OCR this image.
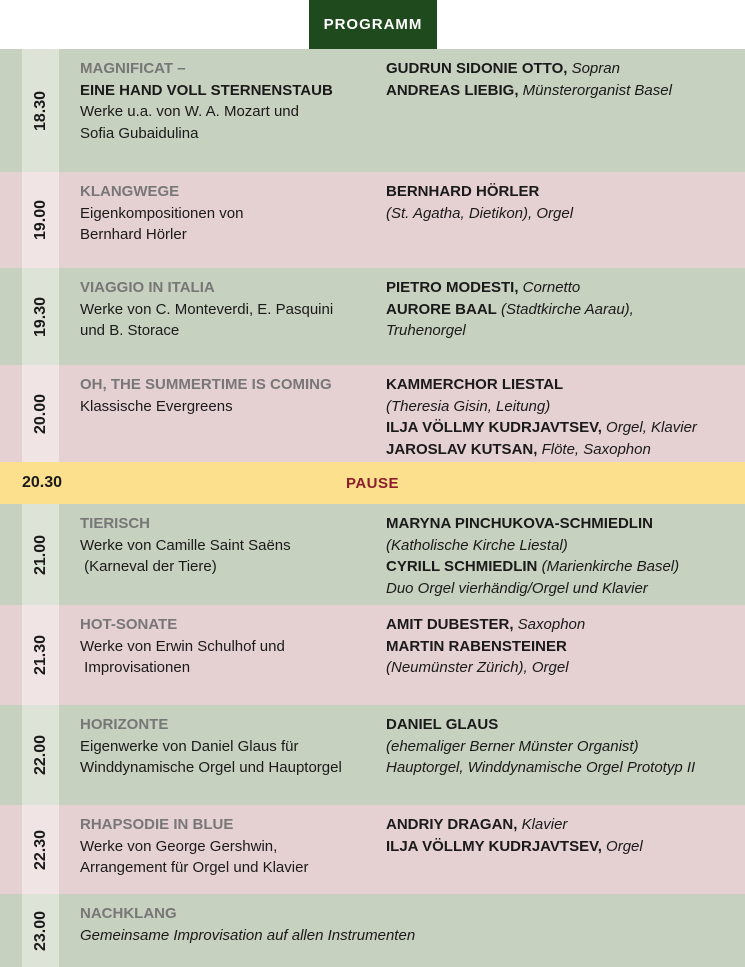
PROGRAMM
18.30
MAGNIFICAT –
EINE HAND VOLL STERNENSTAUB
Werke u.a. von W. A. Mozart und
Sofia Gubaidulina
GUDRUN SIDONIE OTTO, Sopran
ANDREAS LIEBIG, Münsterorganist Basel
19.00
KLANGWEGE
Eigenkompositionen von
Bernhard Hörler
BERNHARD HÖRLER
(St. Agatha, Dietikon), Orgel
19.30
VIAGGIO IN ITALIA
Werke von C. Monteverdi, E. Pasquini
und B. Storace
PIETRO MODESTI, Cornetto
AURORE BAAL (Stadtkirche Aarau),
Truhenorgel
20.00
OH, THE SUMMERTIME IS COMING
Klassische Evergreens
KAMMERCHOR LIESTAL
(Theresia Gisin, Leitung)
ILJA VÖLLMY KUDRJAVTSEV, Orgel, Klavier
JAROSLAV KUTSAN, Flöte, Saxophon
PAUSE
20.30
21.00
TIERISCH
Werke von Camille Saint Saëns
(Karneval der Tiere)
MARYNA PINCHUKOVA-SCHMIEDLIN
(Katholische Kirche Liestal)
CYRILL SCHMIEDLIN (Marienkirche Basel)
Duo Orgel vierhändig/Orgel und Klavier
21.30
HOT-SONATE
Werke von Erwin Schulhof und
Improvisationen
AMIT DUBESTER, Saxophon
MARTIN RABENSTEINER
(Neumünster Zürich), Orgel
22.00
HORIZONTE
Eigenwerke von Daniel Glaus für
Winddynamische Orgel und Hauptorgel
DANIEL GLAUS
(ehemaliger Berner Münster Organist)
Hauptorgel, Winddynamische Orgel Prototyp II
22.30
RHAPSODIE IN BLUE
Werke von George Gershwin,
Arrangement für Orgel und Klavier
ANDRIY DRAGAN, Klavier
ILJA VÖLLMY KUDRJAVTSEV, Orgel
23.00 NACHKLANG
Gemeinsame Improvisation auf allen Instrumenten
